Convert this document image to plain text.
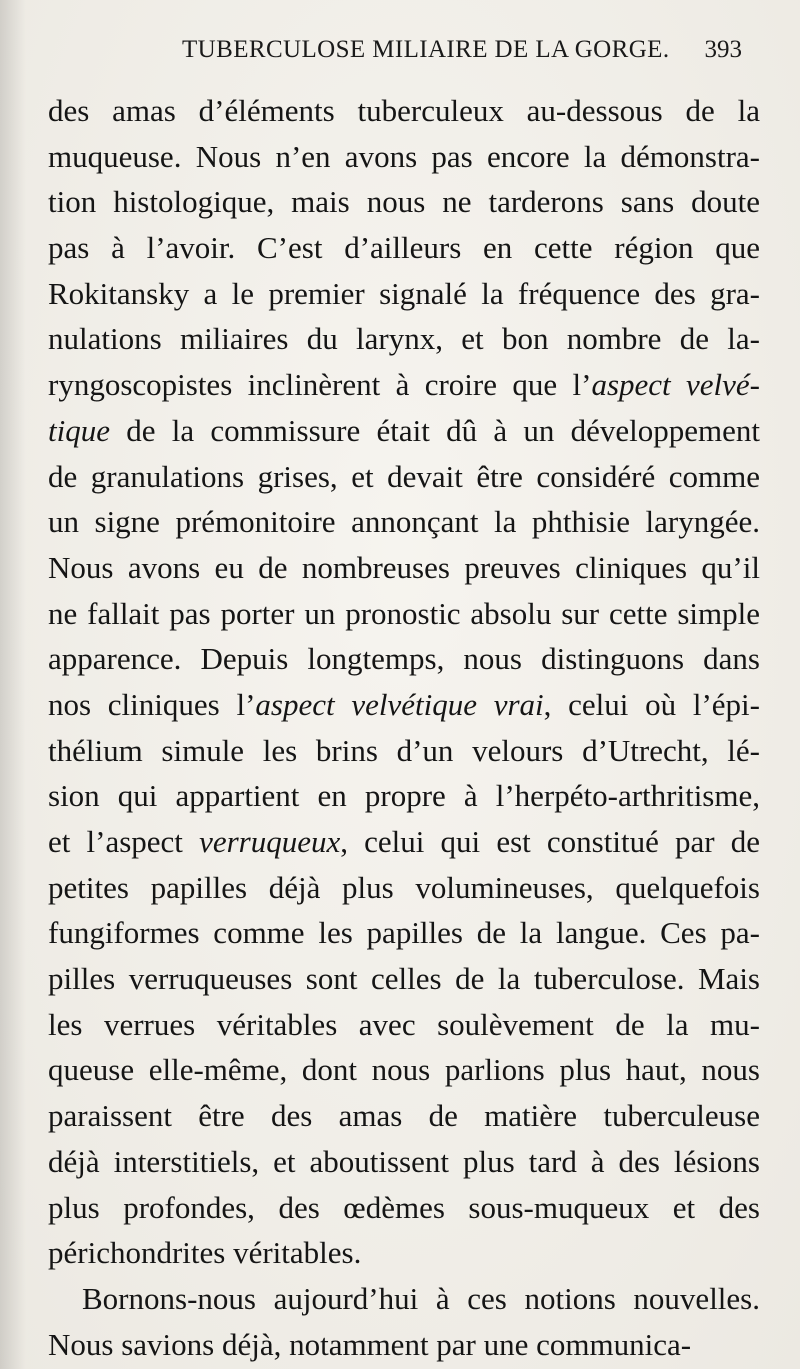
TUBERCULOSE MILIAIRE DE LA GORGE. 393
des amas d’éléments tuberculeux au-dessous de la
muqueuse. Nous n’en avons pas encore la démonstra-
tion histologique, mais nous ne tarderons sans doute
pas à l’avoir. C’est d’ailleurs en cette région que
Rokitansky a le premier signalé la fréquence des gra-
nulations miliaires du larynx, et bon nombre de la-
ryngoscopistes inclinèrent à croire que l’aspect velvé-
tique de la commissure était dû à un développement
de granulations grises, et devait être considéré comme
un signe prémonitoire annonçant la phthisie laryngée.
Nous avons eu de nombreuses preuves cliniques qu’il
ne fallait pas porter un pronostic absolu sur cette simple
apparence. Depuis longtemps, nous distinguons dans
nos cliniques l’aspect velvétique vrai, celui où l’épi-
thélium simule les brins d’un velours d’Utrecht, lé-
sion qui appartient en propre à l’herpéto-arthritisme,
et l’aspect verruqueux, celui qui est constitué par de
petites papilles déjà plus volumineuses, quelquefois
fungiformes comme les papilles de la langue. Ces pa-
pilles verruqueuses sont celles de la tuberculose. Mais
les verrues véritables avec soulèvement de la mu-
queuse elle-même, dont nous parlions plus haut, nous
paraissent être des amas de matière tuberculeuse
déjà interstitiels, et aboutissent plus tard à des lésions
plus profondes, des œdèmes sous-muqueux et des
périchondrites véritables.
Bornons-nous aujourd’hui à ces notions nouvelles.
Nous savions déjà, notamment par une communica-
